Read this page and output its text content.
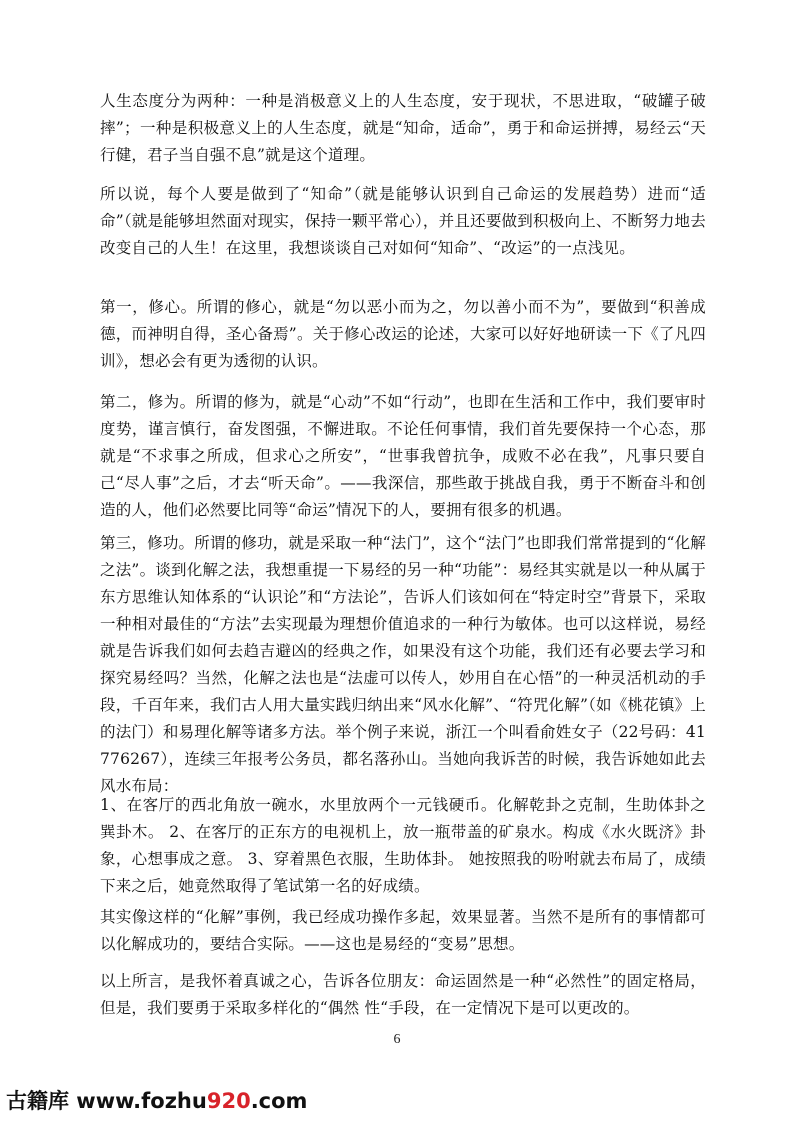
人生态度分为两种：一种是消极意义上的人生态度，安于现状，不思进取，“破罐子破摔”；一种是积极意义上的人生态度，就是“知命，适命”，勇于和命运拼搏，易经云“天行健，君子当自强不息”就是这个道理。

所以说，每个人要是做到了“知命”（就是能够认识到自己命运的发展趋势）进而“适命”（就是能够坦然面对现实，保持一颗平常心），并且还要做到积极向上、不断努力地去改变自己的人生！在这里，我想谈谈自己对如何“知命”、“改运”的一点浅见。

第一，修心。所谓的修心，就是“勿以恶小而为之，勿以善小而不为”，要做到“积善成德，而神明自得，圣心备焉”。关于修心改运的论述，大家可以好好地研读一下《了凡四训》，想必会有更为透彻的认识。

第二，修为。所谓的修为，就是“心动”不如“行动”，也即在生活和工作中，我们要审时度势，谨言慎行，奋发图强，不懈进取。不论任何事情，我们首先要保持一个心态，那就是“不求事之所成，但求心之所安”，“世事我曾抗争，成败不必在我”，凡事只要自己“尽人事”之后，才去“听天命”。——我深信，那些敢于挑战自我，勇于不断奋斗和创造的人，他们必然要比同等“命运”情况下的人，要拥有很多的机遇。

第三，修功。所谓的修功，就是采取一种“法门”，这个“法门”也即我们常常提到的“化解之法”。谈到化解之法，我想重提一下易经的另一种“功能”：易经其实就是以一种从属于东方思维认知体系的“认识论”和“方法论”，告诉人们该如何在“特定时空”背景下，采取一种相对最佳的“方法”去实现最为理想价值追求的一种行为敏体。也可以这样说，易经就是告诉我们如何去趋吉避凶的经典之作，如果没有这个功能，我们还有必要去学习和探究易经吗？当然，化解之法也是“法虚可以传人，妙用自在心悟”的一种灵活机动的手段，千百年来，我们古人用大量实践归纳出来“风水化解”、“符咒化解”（如《桃花镇》上的法门）和易理化解等诸多方法。举个例子来说，浙江一个叫看俞姓女子（22号码：41776267），连续三年报考公务员，都名落孙山。当她向我诉苦的时候，我告诉她如此去风水布局：

1、在客厅的西北角放一碗水，水里放两个一元钱硬币。化解乾卦之克制，生助体卦之巽卦木。 2、在客厅的正东方的电视机上，放一瓶带盖的矿泉水。构成《水火既济》卦象，心想事成之意。 3、穿着黑色衣服，生助体卦。 她按照我的吩咐就去布局了，成绩下来之后，她竟然取得了笔试第一名的好成绩。

其实像这样的“化解”事例，我已经成功操作多起，效果显著。当然不是所有的事情都可以化解成功的，要结合实际。——这也是易经的“变易”思想。

以上所言，是我怀着真诚之心，告诉各位朋友：命运固然是一种“必然性”的固定格局，但是，我们要勇于采取多样化的“偶然 性“手段，在一定情况下是可以更改的。

6
古籍库 www.fozhu920.com
